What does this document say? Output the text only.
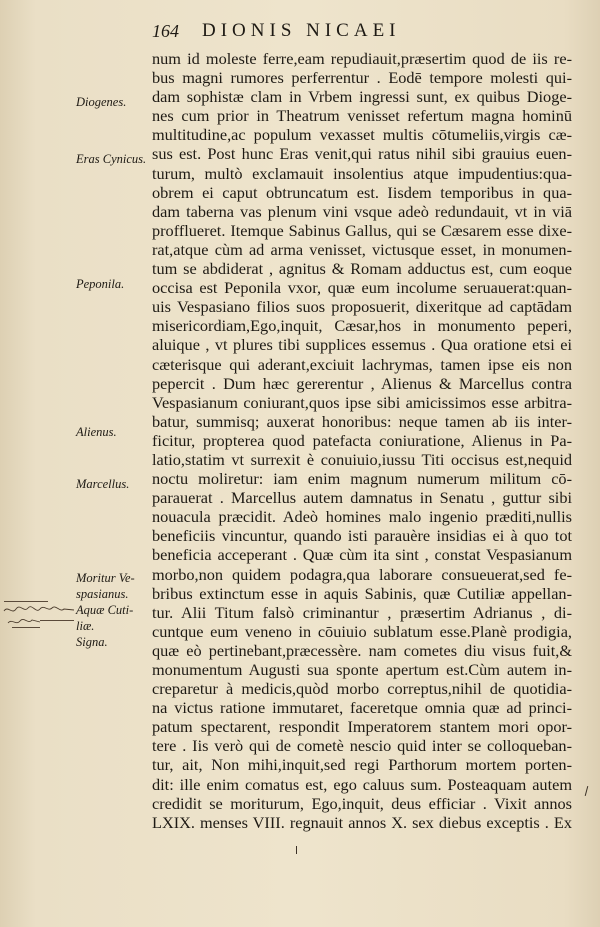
164 DIONIS NICAEI
num id moleste ferre,eam repudiauit,præsertim quod de iis re-
bus magni rumores perferrentur . Eodē tempore molesti qui-
dam sophistæ clam in Vrbem ingressi sunt, ex quibus Dioge-
nes cum prior in Theatrum venisset refertum magna hominū
multitudine,ac populum vexasset multis cōtumeliis,virgis cæ-
sus est. Post hunc Eras venit,qui ratus nihil sibi grauius euen-
turum, multò exclamauit insolentius atque impudentius:qua-
obrem ei caput obtruncatum est. Iisdem temporibus in qua-
dam taberna vas plenum vini vsque adeò redundauit, vt in viā
profflueret. Itemque Sabinus Gallus, qui se Cæsarem esse dixe-
rat,atque cùm ad arma venisset, victusque esset, in monumen-
tum se abdiderat , agnitus & Romam adductus est, cum eoque
occisa est Peponila vxor, quæ eum incolume seruauerat:quan-
uis Vespasiano filios suos proposuerit, dixeritque ad captādam
misericordiam,Ego,inquit, Cæsar,hos in monumento peperi,
aluique , vt plures tibi supplices essemus . Qua oratione etsi ei
cæterisque qui aderant,exciuit lachrymas, tamen ipse eis non
pepercit . Dum hæc gererentur , Alienus & Marcellus contra
Vespasianum coniurant,quos ipse sibi amicissimos esse arbitra-
batur, summisq; auxerat honoribus: neque tamen ab iis inter-
ficitur, propterea quod patefacta coniuratione, Alienus in Pa-
latio,statim vt surrexit è conuiuio,iussu Titi occisus est,nequid
noctu moliretur: iam enim magnum numerum militum cō-
parauerat . Marcellus autem damnatus in Senatu , guttur sibi
nouacula præcidit. Adeò homines malo ingenio præditi,nullis
beneficiis vincuntur, quando isti parauère insidias ei à quo tot
beneficia acceperant . Quæ cùm ita sint , constat Vespasianum
morbo,non quidem podagra,qua laborare consueuerat,sed fe-
bribus extinctum esse in aquis Sabinis, quæ Cutiliæ appellan-
tur. Alii Titum falsò criminantur , præsertim Adrianus , di-
cuntque eum veneno in cōuiuio sublatum esse.Planè prodigia,
quæ eò pertinebant,præcessère. nam cometes diu visus fuit,&
monumentum Augusti sua sponte apertum est.Cùm autem in-
creparetur à medicis,quòd morbo correptus,nihil de quotidia-
na victus ratione immutaret, faceretque omnia quæ ad princi-
patum spectarent, respondit Imperatorem stantem mori opor-
tere . Iis verò qui de cometè nescio quid inter se colloqueban-
tur, ait, Non mihi,inquit,sed regi Parthorum mortem porten-
dit: ille enim comatus est, ego caluus sum. Posteaquam autem
credidit se moriturum, Ego,inquit, deus efficiar . Vixit annos
LXIX. menses VIII. regnauit annos X. sex diebus exceptis . Ex
Diogenes.
Eras Cynicus.
Peponila.
Alienus.
Marcellus.
Moritur Ve-
spasianus.
Aquæ Cuti-
liæ.
Signa.
